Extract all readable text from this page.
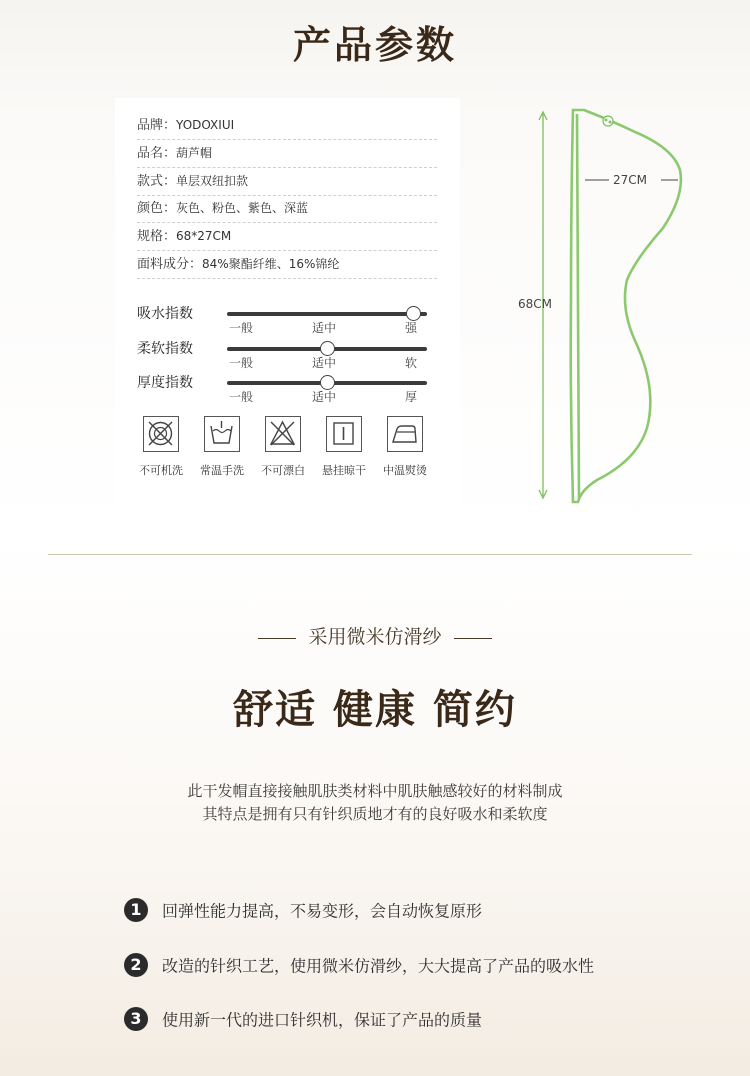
产品参数
品牌：YODOXIUI
品名：葫芦帽
款式：单层双纽扣款
颜色：灰色、粉色、紫色、深蓝
规格：68*27CM
面料成分：84%聚酯纤维、16%锦纶
吸水指数
一般	适中	强
柔软指数
一般	适中	软
厚度指数
一般	适中	厚
不可机洗	常温手洗	不可漂白	悬挂晾干	中温熨烫
27CM
68CM
采用微米仿滑纱
舒适 健康 简约
此干发帽直接接触肌肤类材料中肌肤触感较好的材料制成
其特点是拥有只有针织质地才有的良好吸水和柔软度
1 回弹性能力提高，不易变形，会自动恢复原形
2 改造的针织工艺，使用微米仿滑纱，大大提高了产品的吸水性
3 使用新一代的进口针织机，保证了产品的质量
